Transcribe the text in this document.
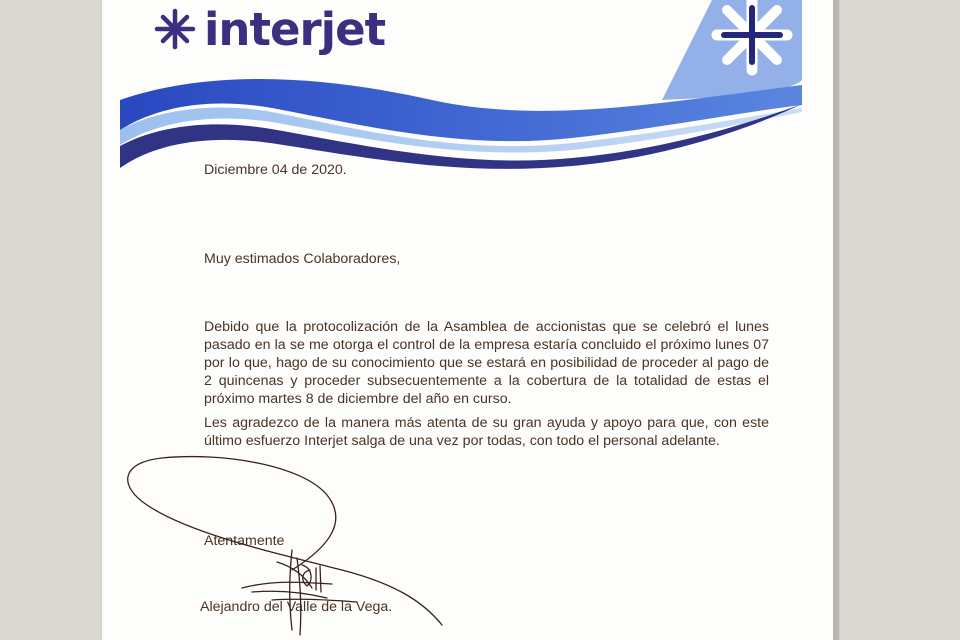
interjet
Diciembre 04 de 2020.
Muy estimados Colaboradores,

Debido que la protocolización de la Asamblea de accionistas que se celebró el lunes pasado en la se me otorga el control de la empresa estaría concluido el próximo lunes 07 por lo que, hago de su conocimiento que se estará en posibilidad de proceder al pago de 2 quincenas y proceder subsecuentemente a la cobertura de la totalidad de estas el próximo martes 8 de diciembre del año en curso.

Les agradezco de la manera más atenta de su gran ayuda y apoyo para que, con este último esfuerzo Interjet salga de una vez por todas, con todo el personal adelante.

Atentamente
Alejandro del Valle de la Vega.
